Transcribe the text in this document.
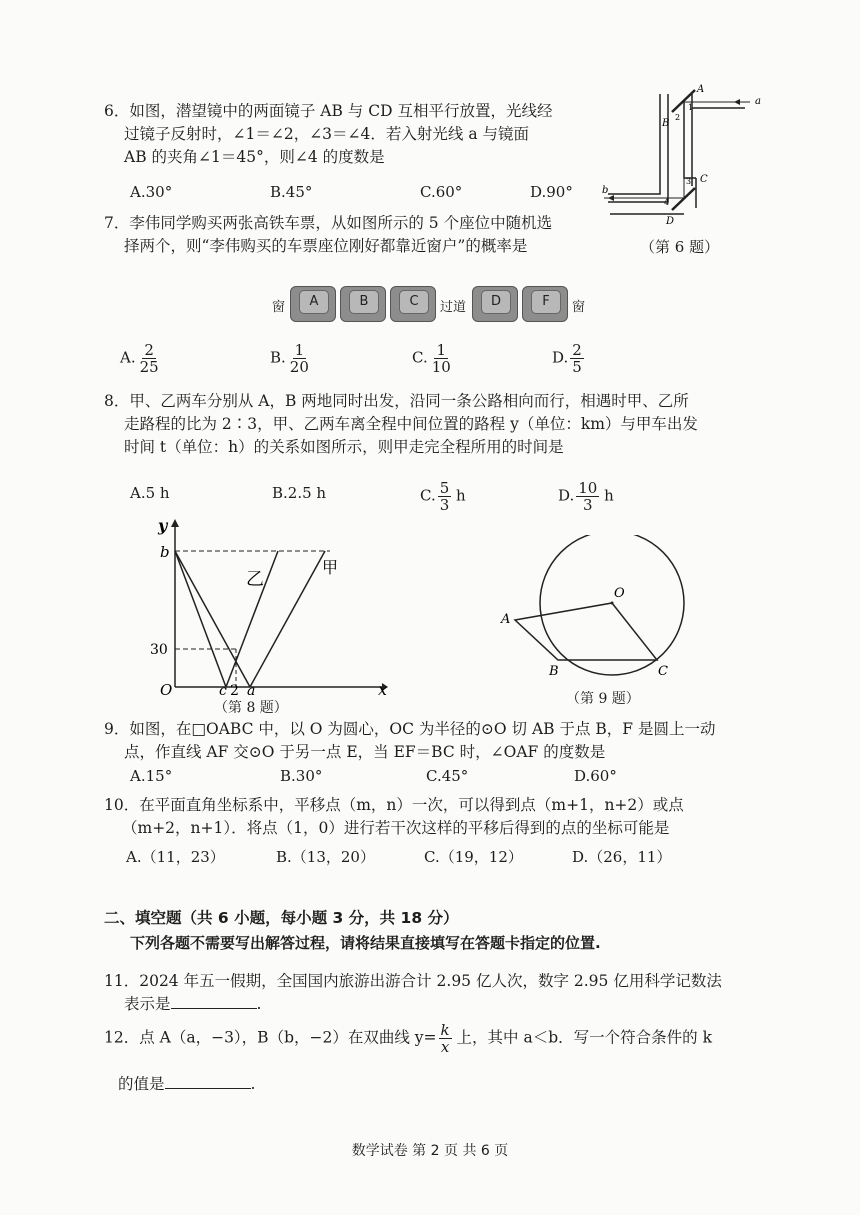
6．如图，潜望镜中的两面镜子 AB 与 CD 互相平行放置，光线经
过镜子反射时，∠1＝∠2，∠3＝∠4．若入射光线 a 与镜面
AB 的夹角∠1＝45°，则∠4 的度数是
A.30°	B.45°	C.60°	D.90°
A
B
C
D
a
b
1
2
3
4
（第 6 题）
7．李伟同学购买两张高铁车票，从如图所示的 5 个座位中随机选
择两个，则“李伟购买的车票座位刚好都靠近窗户”的概率是
窗	A	B	C	过道	D	F	窗
A. $\frac{2}{25}$	B. $\frac{1}{20}$	C. $\frac{1}{10}$	D. $\frac{2}{5}$
8．甲、乙两车分别从 A，B 两地同时出发，沿同一条公路相向而行，相遇时甲、乙所
走路程的比为 2∶3，甲、乙两车离全程中间位置的路程 y（单位：km）与甲车出发
时间 t（单位：h）的关系如图所示，则甲走完全程所用的时间是
A.5 h	B.2.5 h	C. $\frac{5}{3}$ h	D. $\frac{10}{3}$ h
y
x
b
30
O	c 2 a
乙
甲
（第 8 题）
A
O
B	C
（第 9 题）
9．如图，在□OABC 中，以 O 为圆心，OC 为半径的⊙O 切 AB 于点 B，F 是圆上一动
点，作直线 AF 交⊙O 于另一点 E，当 EF＝BC 时，∠OAF 的度数是
A.15°	B.30°	C.45°	D.60°
10．在平面直角坐标系中，平移点（m，n）一次，可以得到点（m+1，n+2）或点
（m+2，n+1）．将点（1，0）进行若干次这样的平移后得到的点的坐标可能是
A.（11，23）	B.（13，20）	C.（19，12）	D.（26，11）
二、填空题（共 6 小题，每小题 3 分，共 18 分）
下列各题不需要写出解答过程，请将结果直接填写在答题卡指定的位置.
11．2024 年五一假期，全国国内旅游出游合计 2.95 亿人次，数字 2.95 亿用科学记数法
表示是	.
12．点 A（a，−3），B（b，−2）在双曲线 $y= \frac{k}{x}$ 上，其中 a＜b．写一个符合条件的 k
的值是	.
数学试卷 第 2 页 共 6 页
